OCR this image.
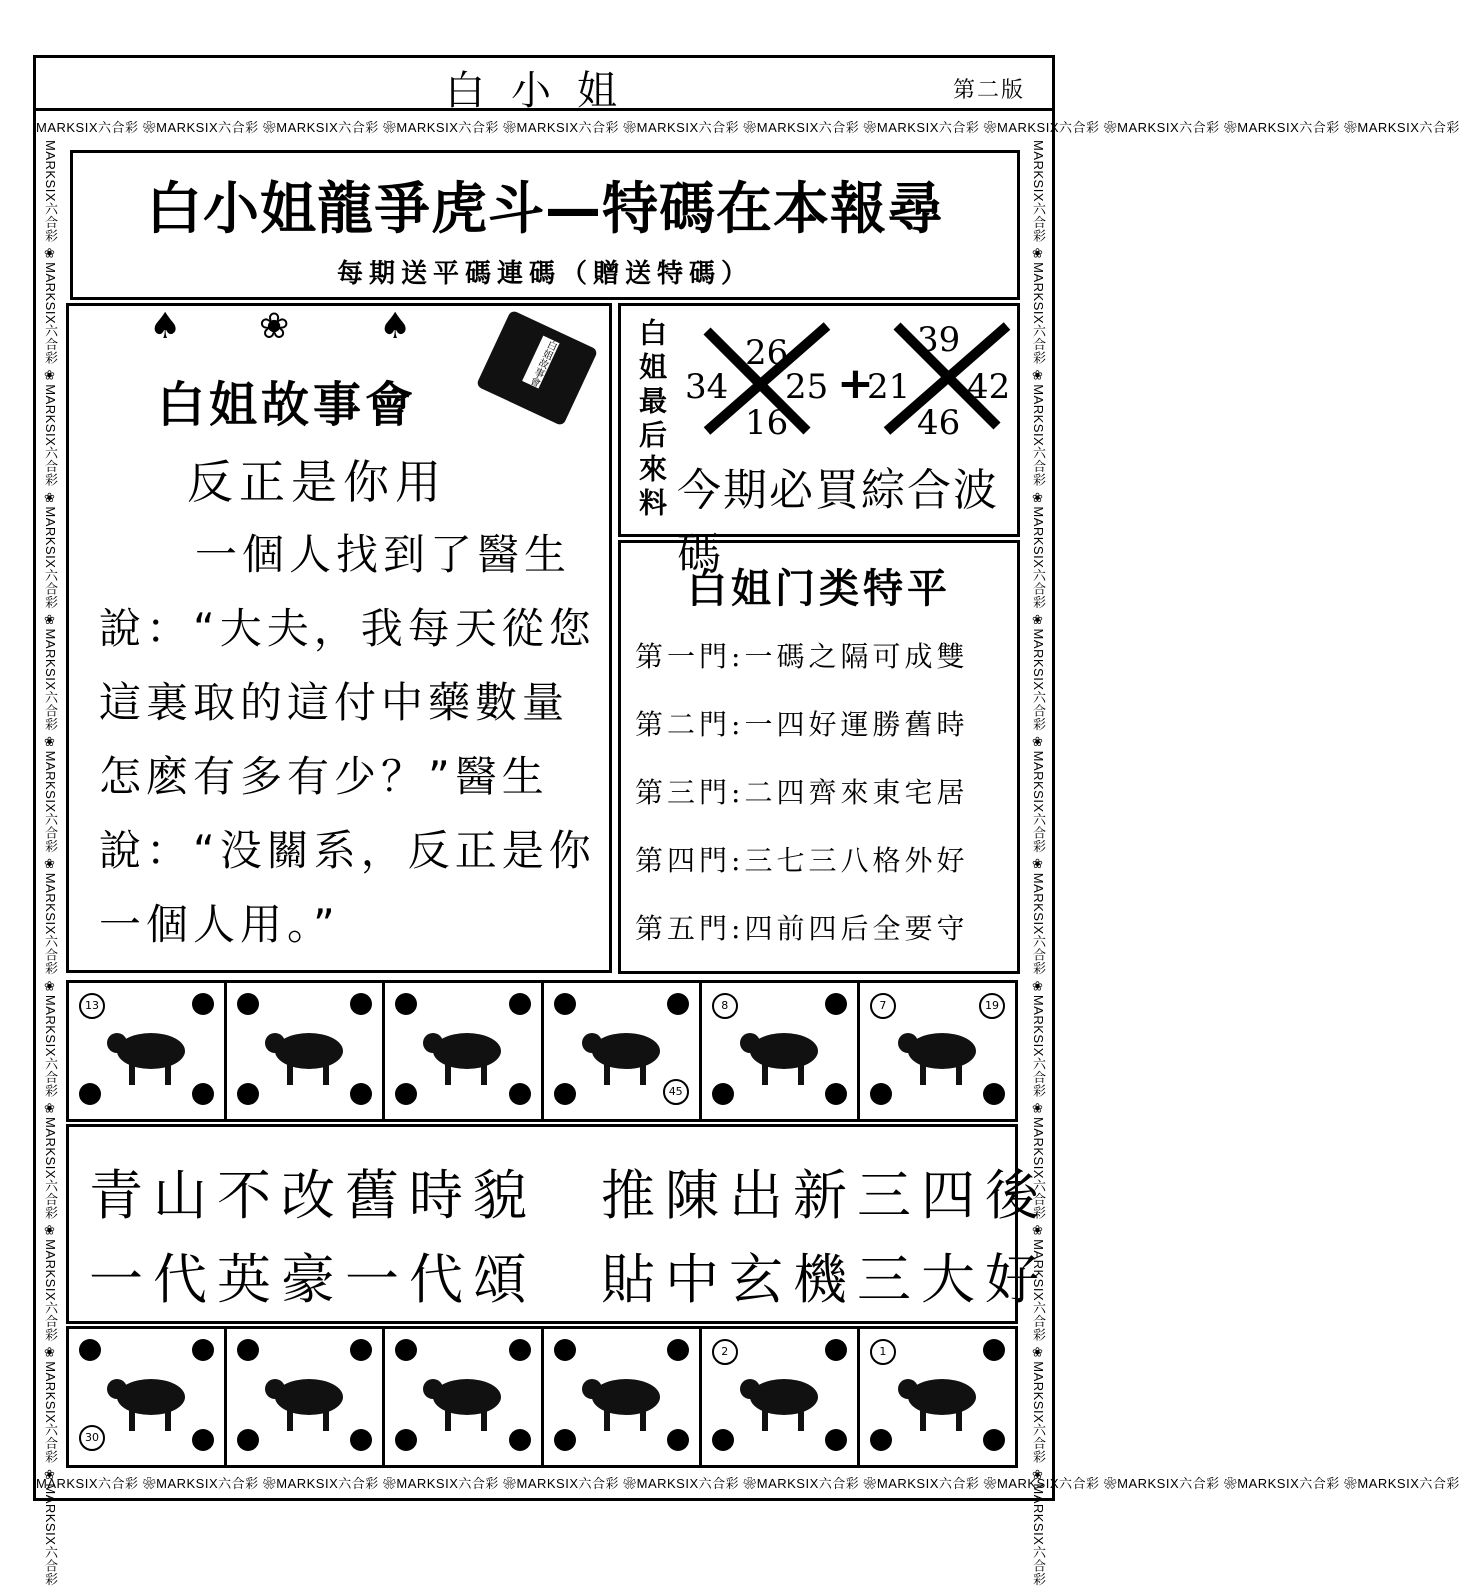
白小姐	第二版
MARKSIX六合彩 ❀MARKSIX六合彩 ❀MARKSIX六合彩 ❀MARKSIX六合彩 ❀MARKSIX六合彩 ❀MARKSIX六合彩 ❀MARKSIX六合彩 ❀MARKSIX六合彩 ❀MARKSIX六合彩 ❀MARKSIX六合彩 ❀MARKSIX六合彩 ❀MARKSIX六合彩
MARKSIX六合彩 ❀MARKSIX六合彩 ❀MARKSIX六合彩 ❀MARKSIX六合彩 ❀MARKSIX六合彩 ❀MARKSIX六合彩 ❀MARKSIX六合彩 ❀MARKSIX六合彩 ❀MARKSIX六合彩 ❀MARKSIX六合彩 ❀MARKSIX六合彩 ❀MARKSIX六合彩
MARKSIX六合彩 ❀MARKSIX六合彩 ❀MARKSIX六合彩 ❀MARKSIX六合彩 ❀MARKSIX六合彩 ❀MARKSIX六合彩 ❀MARKSIX六合彩 ❀MARKSIX六合彩 ❀MARKSIX六合彩 ❀MARKSIX六合彩 ❀MARKSIX六合彩 ❀MARKSIX六合彩	MARKSIX六合彩 ❀MARKSIX六合彩 ❀MARKSIX六合彩 ❀MARKSIX六合彩 ❀MARKSIX六合彩 ❀MARKSIX六合彩 ❀MARKSIX六合彩 ❀MARKSIX六合彩 ❀MARKSIX六合彩 ❀MARKSIX六合彩 ❀MARKSIX六合彩 ❀MARKSIX六合彩
白小姐龍爭虎斗—特碼在本報尋
每期送平碼連碼（贈送特碼）
♠ ❀ ♠
白姐故事會
白姐故事會
反正是你用
一個人找到了醫生說：“大夫，我每天從您這裏取的這付中藥數量怎麽有多有少？”醫生說：“没關系，反正是你一個人用。”
白姐最后來料 26
34 25
16
+
39
21 42
46
今期必買綜合波碼
白姐门类特平
第一門:一碼之隔可成雙
第二門:一四好運勝舊時
第三門:二四齊來東宅居
第四門:三七三八格外好
第五門:四前四后全要守
13
45
8	7	19
青山不改舊時貌　推陳出新三四後
一代英豪一代頌　貼中玄機三大好
30
2	1
